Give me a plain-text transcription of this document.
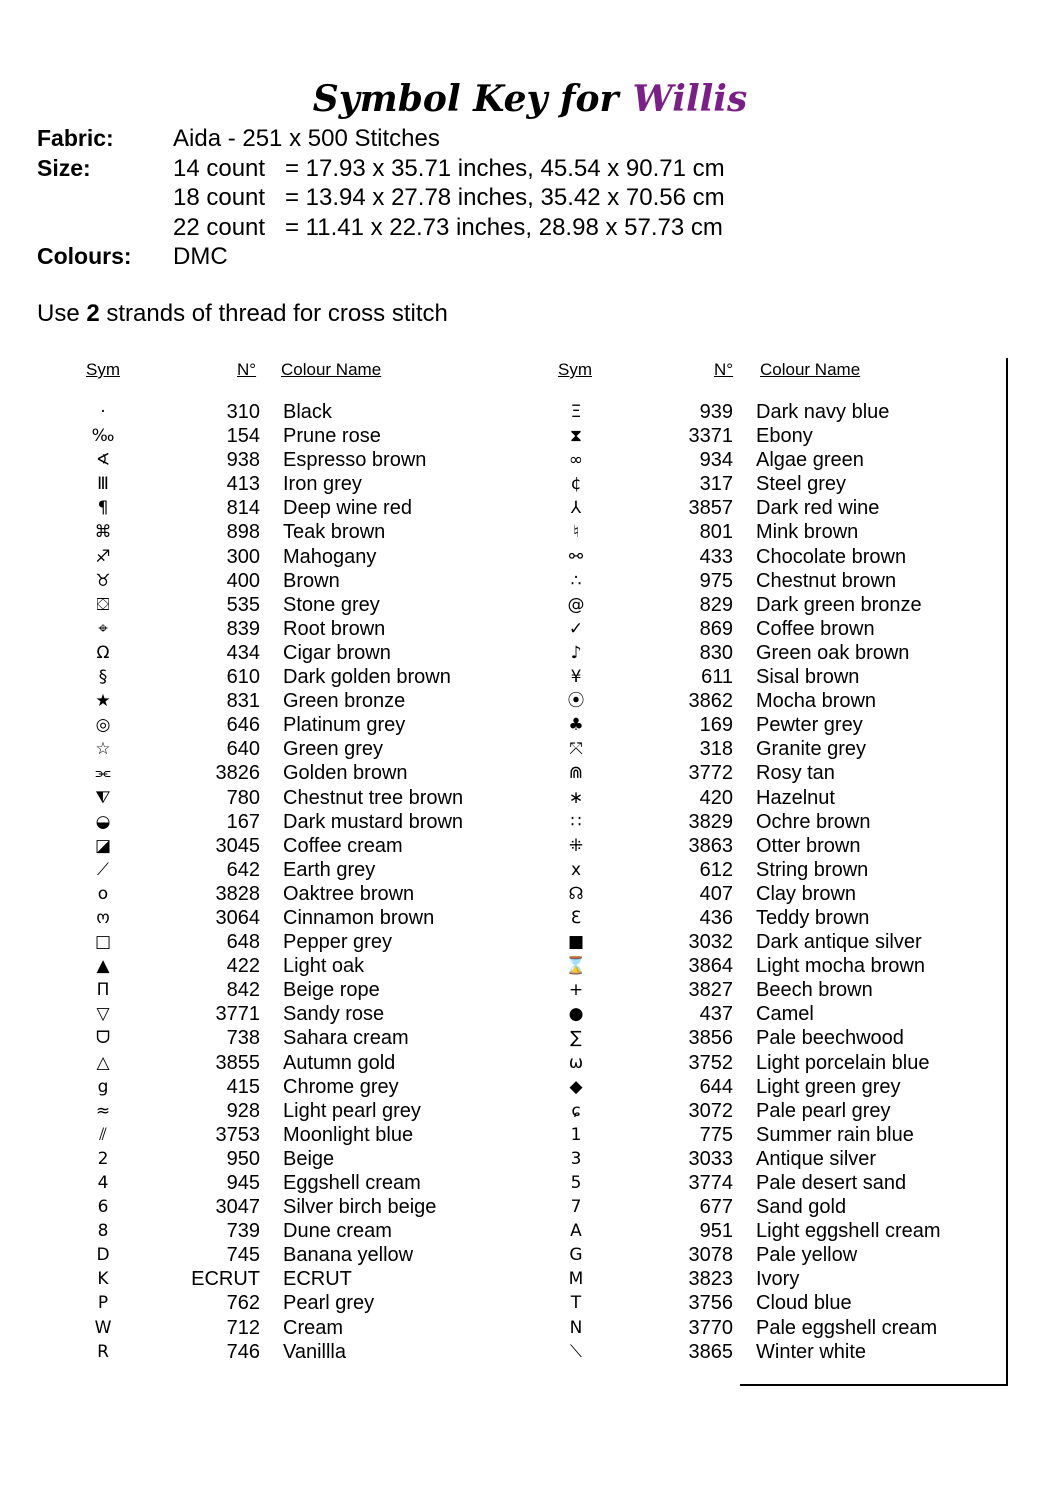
Symbol Key for Willis
Fabric: Aida - 251 x 500 Stitches
Size:	14 count = 17.93 x 35.71 inches, 45.54 x 90.71 cm
18 count = 13.94 x 27.78 inches, 35.42 x 70.56 cm
22 count = 11.41 x 22.73 inches, 28.98 x 57.73 cm
Colours: DMC
Use 2 strands of thread for cross stitch
Sym	N° Colour Name	Sym	N° Colour Name
·	310 Black
‰	154 Prune rose
∢	938 Espresso brown
Ⅲ	413 Iron grey
¶	814 Deep wine red
⌘	898 Teak brown
♐	300 Mahogany
♉	400 Brown
⛋	535 Stone grey
⌖	839 Root brown
Ω	434 Cigar brown
§	610 Dark golden brown
★	831 Green bronze
◎	646 Platinum grey
☆	640 Green grey
⫘	3826 Golden brown
⧨	780 Chestnut tree brown
◒	167 Dark mustard brown
◪	3045 Coffee cream
⟋	642 Earth grey
o	3828 Oaktree brown
ო	3064 Cinnamon brown
□	648 Pepper grey
▲	422 Light oak
Π	842 Beige rope
▽	3771 Sandy rose
ᗜ	738 Sahara cream
△	3855 Autumn gold
g	415 Chrome grey
≈	928 Light pearl grey
⫽	3753 Moonlight blue
2	950 Beige
4	945 Eggshell cream
6	3047 Silver birch beige
8	739 Dune cream
D	745 Banana yellow
K	ECRUT ECRUT
P	762 Pearl grey
W	712 Cream
R	746 Vanillla
Ξ	939 Dark navy blue
⧗	3371 Ebony
∞	934 Algae green
¢	317 Steel grey
⅄	3857 Dark red wine
♮	801 Mink brown
⚯	433 Chocolate brown
∴	975 Chestnut brown
@	829 Dark green bronze
✓	869 Coffee brown
♪	830 Green oak brown
¥	611 Sisal brown
⦿	3862 Mocha brown
♣	169 Pewter grey
⤧	318 Granite grey
⋒	3772 Rosy tan
∗	420 Hazelnut
∷	3829 Ochre brown
⁜	3863 Otter brown
x	612 String brown
☊	407 Clay brown
ℇ	436 Teddy brown
■	3032 Dark antique silver
⌛	3864 Light mocha brown
+	3827 Beech brown
●	437 Camel
∑	3856 Pale beechwood
ω	3752 Light porcelain blue
◆	644 Light green grey
ɕ	3072 Pale pearl grey
1	775 Summer rain blue
3	3033 Antique silver
5	3774 Pale desert sand
7	677 Sand gold
A	951 Light eggshell cream
G	3078 Pale yellow
M	3823 Ivory
T	3756 Cloud blue
N	3770 Pale eggshell cream
⟍	3865 Winter white
